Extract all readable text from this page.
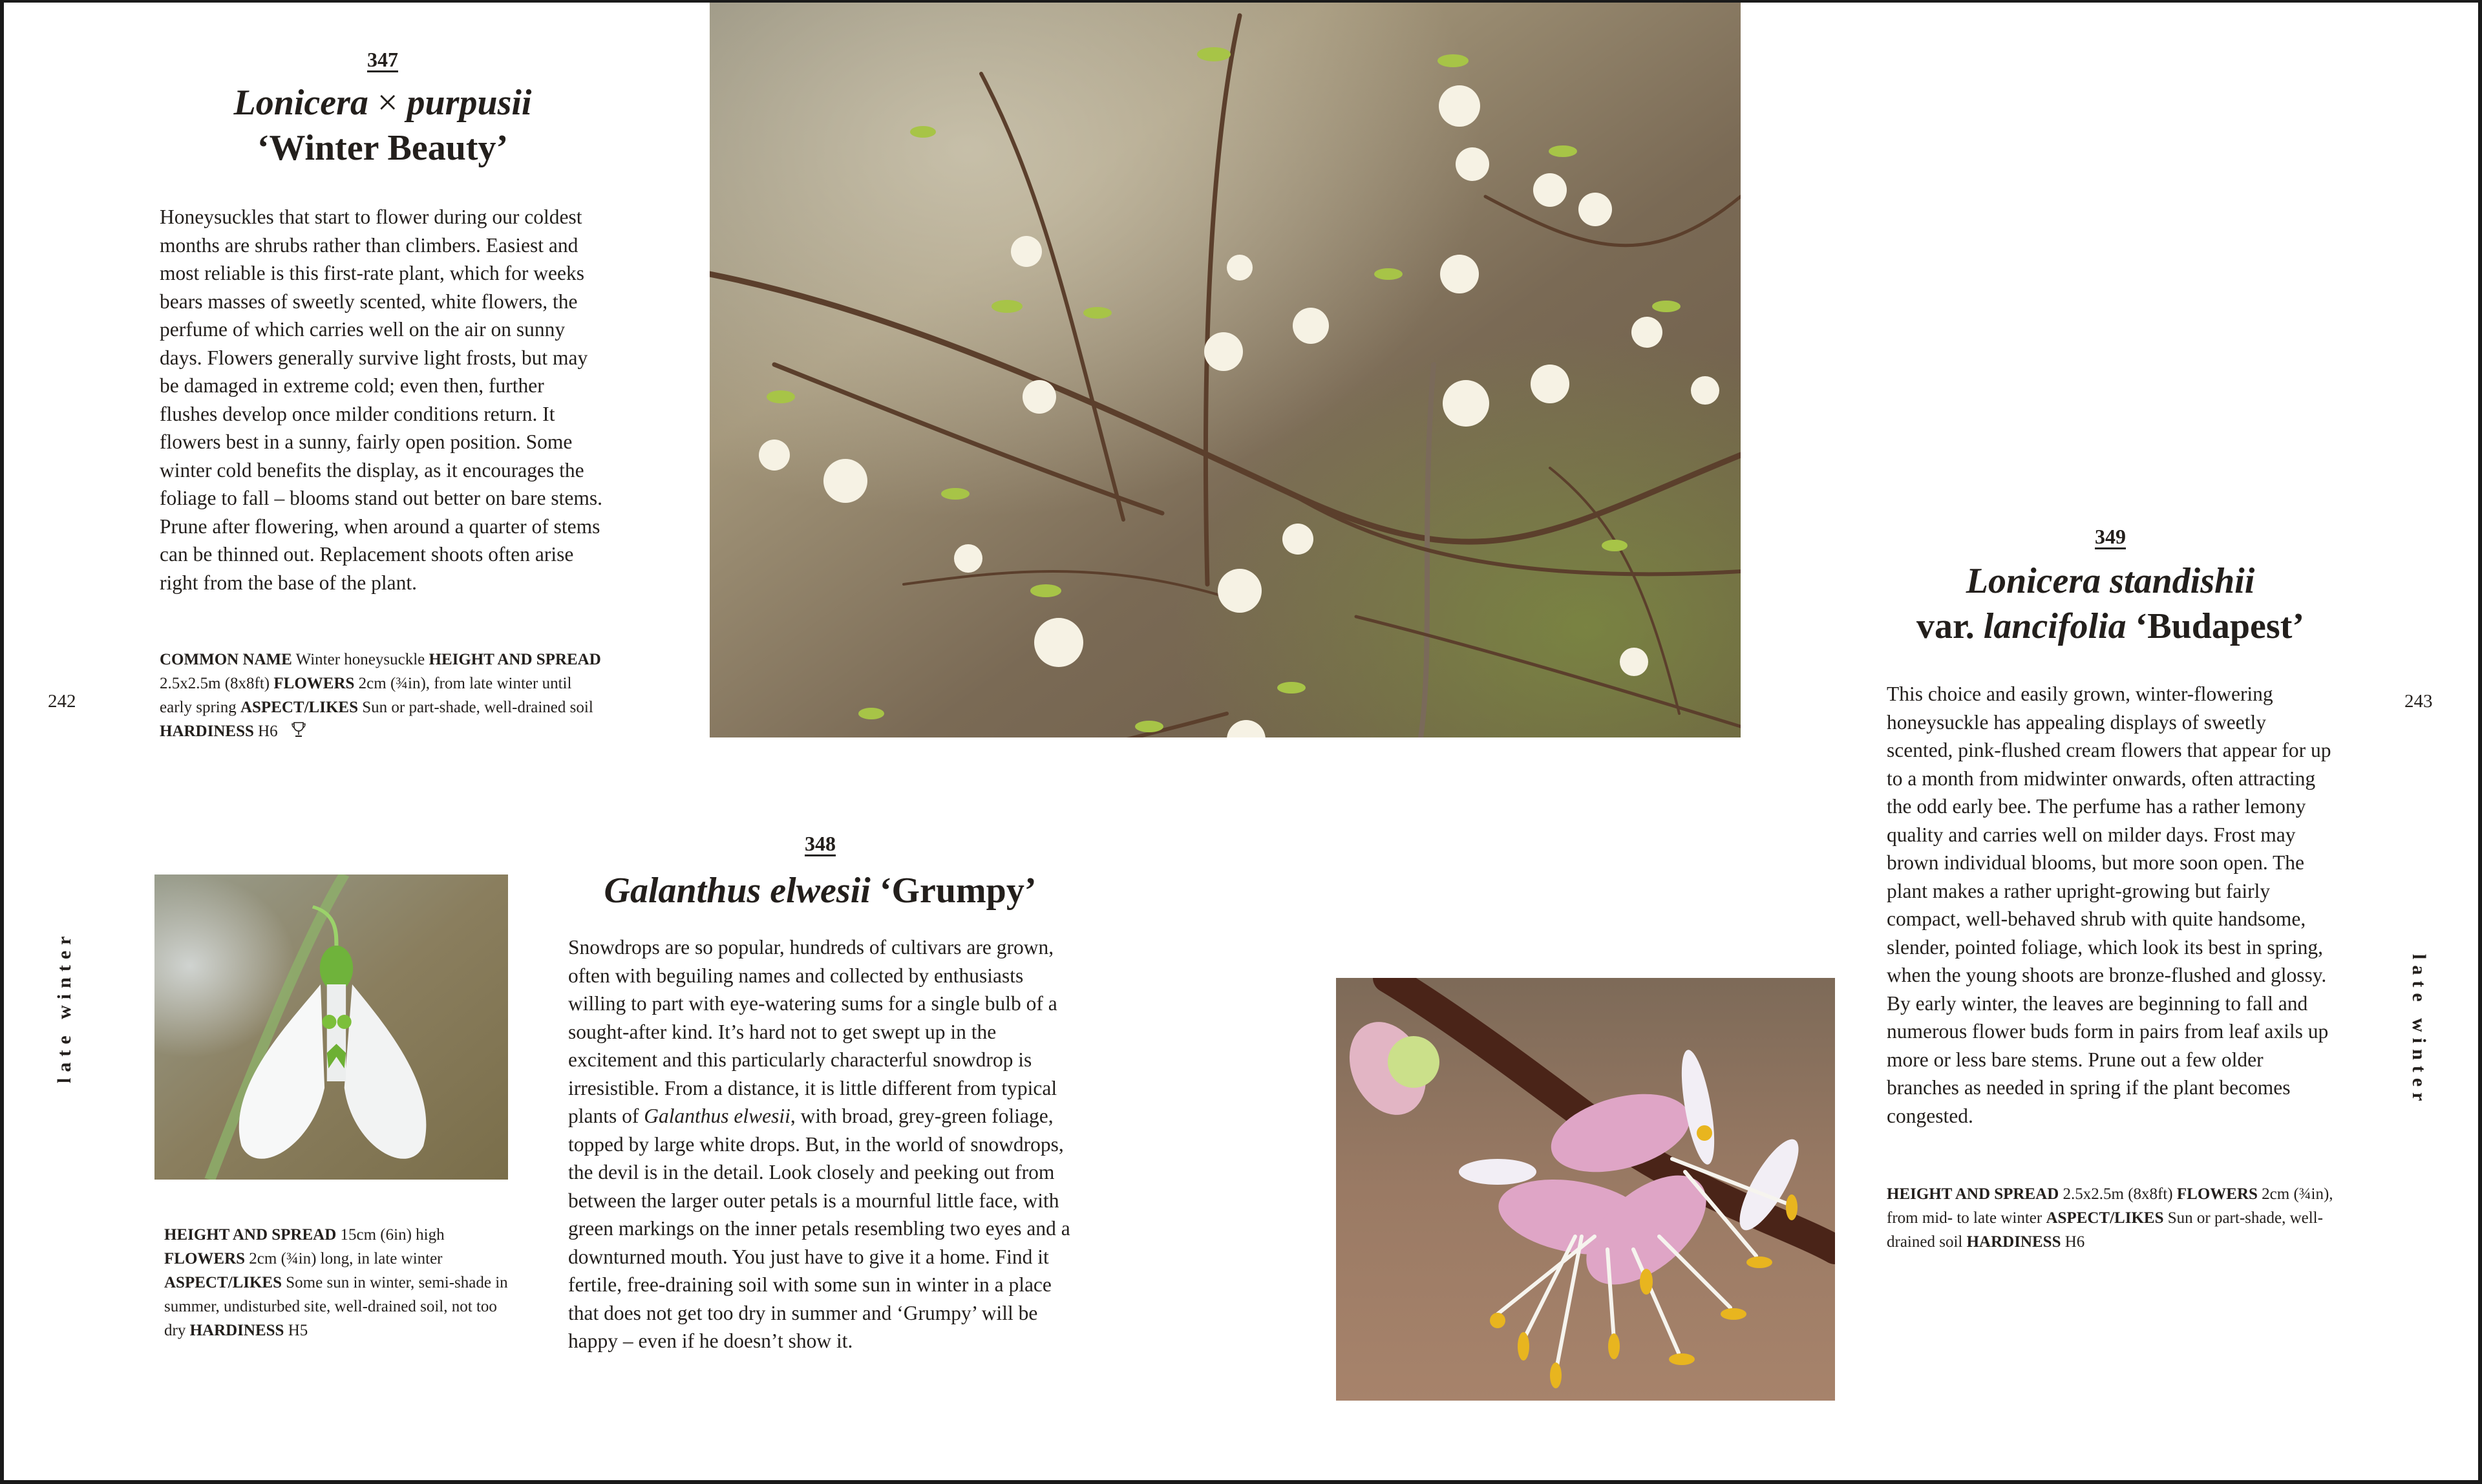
347
Lonicera × purpusii
‘Winter Beauty’
Honeysuckles that start to flower during our coldest months are shrubs rather than climbers. Easiest and most reliable is this first-rate plant, which for weeks bears masses of sweetly scented, white flowers, the perfume of which carries well on the air on sunny days. Flowers generally survive light frosts, but may be damaged in extreme cold; even then, further flushes develop once milder conditions return. It flowers best in a sunny, fairly open position. Some winter cold benefits the display, as it encourages the foliage to fall – blooms stand out better on bare stems. Prune after flowering, when around a quarter of stems can be thinned out. Replacement shoots often arise right from the base of the plant.
COMMON NAME Winter honeysuckle HEIGHT AND SPREAD 2.5x2.5m (8x8ft) FLOWERS 2cm (¾in), from late winter until early spring ASPECT/LIKES Sun or part-shade, well-drained soil HARDINESS H6
242	243
late winter	late winter
348
Galanthus elwesii ‘Grumpy’
Snowdrops are so popular, hundreds of cultivars are grown, often with beguiling names and collected by enthusiasts willing to part with eye-watering sums for a single bulb of a sought-after kind. It’s hard not to get swept up in the excitement and this particularly characterful snowdrop is irresistible. From a distance, it is little different from typical plants of Galanthus elwesii, with broad, grey-green foliage, topped by large white drops. But, in the world of snowdrops, the devil is in the detail. Look closely and peeking out from between the larger outer petals is a mournful little face, with green markings on the inner petals resembling two eyes and a downturned mouth. You just have to give it a home. Find it fertile, free-draining soil with some sun in winter in a place that does not get too dry in summer and ‘Grumpy’ will be happy – even if he doesn’t show it.
HEIGHT AND SPREAD 15cm (6in) high FLOWERS 2cm (¾in) long, in late winter ASPECT/LIKES Some sun in winter, semi-shade in summer, undisturbed site, well-drained soil, not too dry HARDINESS H5
349
Lonicera standishii
var. lancifolia ‘Budapest’
This choice and easily grown, winter-flowering honeysuckle has appealing displays of sweetly scented, pink-flushed cream flowers that appear for up to a month from midwinter onwards, often attracting the odd early bee. The perfume has a rather lemony quality and carries well on milder days. Frost may brown individual blooms, but more soon open. The plant makes a rather upright-growing but fairly compact, well-behaved shrub with quite handsome, slender, pointed foliage, which look its best in spring, when the young shoots are bronze-flushed and glossy. By early winter, the leaves are beginning to fall and numerous flower buds form in pairs from leaf axils up more or less bare stems. Prune out a few older branches as needed in spring if the plant becomes congested.
HEIGHT AND SPREAD 2.5x2.5m (8x8ft) FLOWERS 2cm (¾in), from mid- to late winter ASPECT/LIKES Sun or part-shade, well-drained soil HARDINESS H6
